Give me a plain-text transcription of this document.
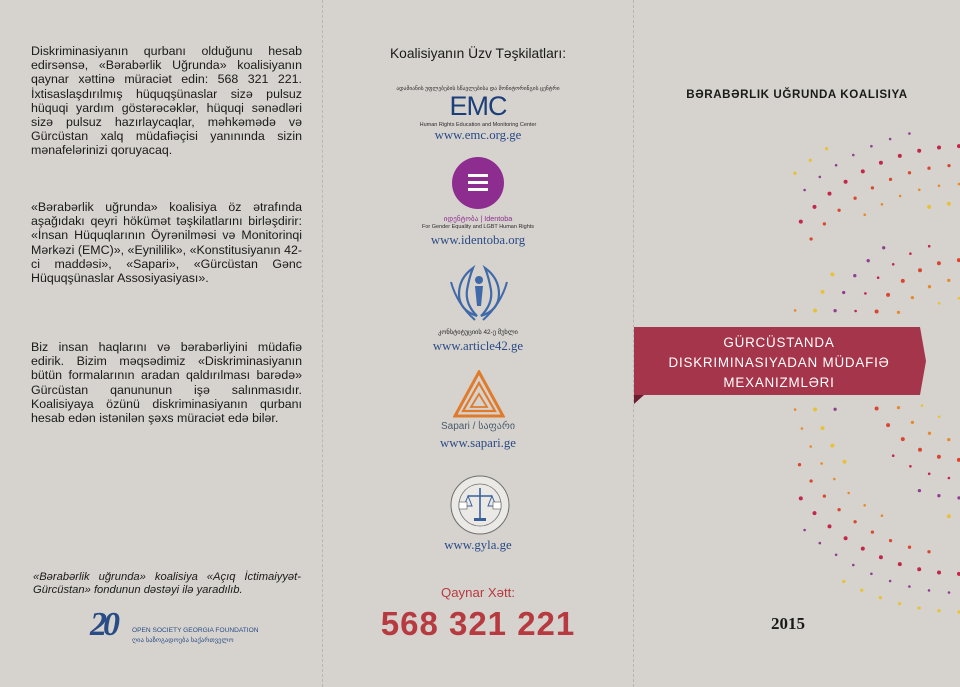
Diskriminasiyanın qurbanı olduğunu hesab edirsənsə, «Bərabərlik Uğrunda» koalisiyanın qaynar xəttinə müraciət edin: 568 321 221. İxtisaslaşdırılmış hüquqşünaslar sizə pulsuz hüquqi yardım göstərəcəklər, hüquqi sənədləri sizə pulsuz hazırlaycaqlar, məhkəmədə və Gürcüstan xalq müdafiəçisi yanınında sizin mənafelərinizi qoruyacaq.

«Bərabərlik uğrunda» koalisiya öz ətrafında aşağıdakı qeyri hökümət təşkilatlarını birləşdirir: «İnsan Hüquqlarının Öyrənilməsi və Monitorinqi Mərkəzi (EMC)», «Eynililik», «Konstitusiyanın 42-ci maddəsi», «Sapari», «Gürcüstan Gənc Hüquqşünaslar Assosiyasiyası».

Biz insan haqlarını və bərabərliyini müdafiə edirik. Bizim məqsədimiz «Diskriminasiyanın bütün formalarının aradan qaldırılması barədə» Gürcüstan qanununun işə salınmasıdır. Koalisiyaya özünü diskriminasiyanın qurbanı hesab edən istənilən şəxs müraciət edə bilər.

«Bərabərlik uğrunda» koalisiya «Açıq İctimaiyyət- Gürcüstan» fondunun dəstəyi ilə yaradılıb.
20 OPEN SOCIETY GEORGIA FOUNDATION
ღია საზოგადოება საქართველო
Koalisiyanın Üzv Təşkilatları:
ადამიანის უფლებების სწავლებისა და მონიტორინგის ცენტრი
EMC
Human Rights Education and Monitoring Center
www.emc.org.ge
იდენტობა | Identoba
For Gender Equality and LGBT Human Rights
www.identoba.org
კონსტიტუციის 42-ე მუხლი
www.article42.ge
Sapari / საფარი
www.sapari.ge
www.gyla.ge
Qaynar Xətt:
568 321 221
BƏRABƏRLIK UĞRUNDA KOALISIYA
GÜRCÜSTANDA
DISKRIMINASIYADAN MÜDAFIƏ
MEXANIZMLƏRI
2015
